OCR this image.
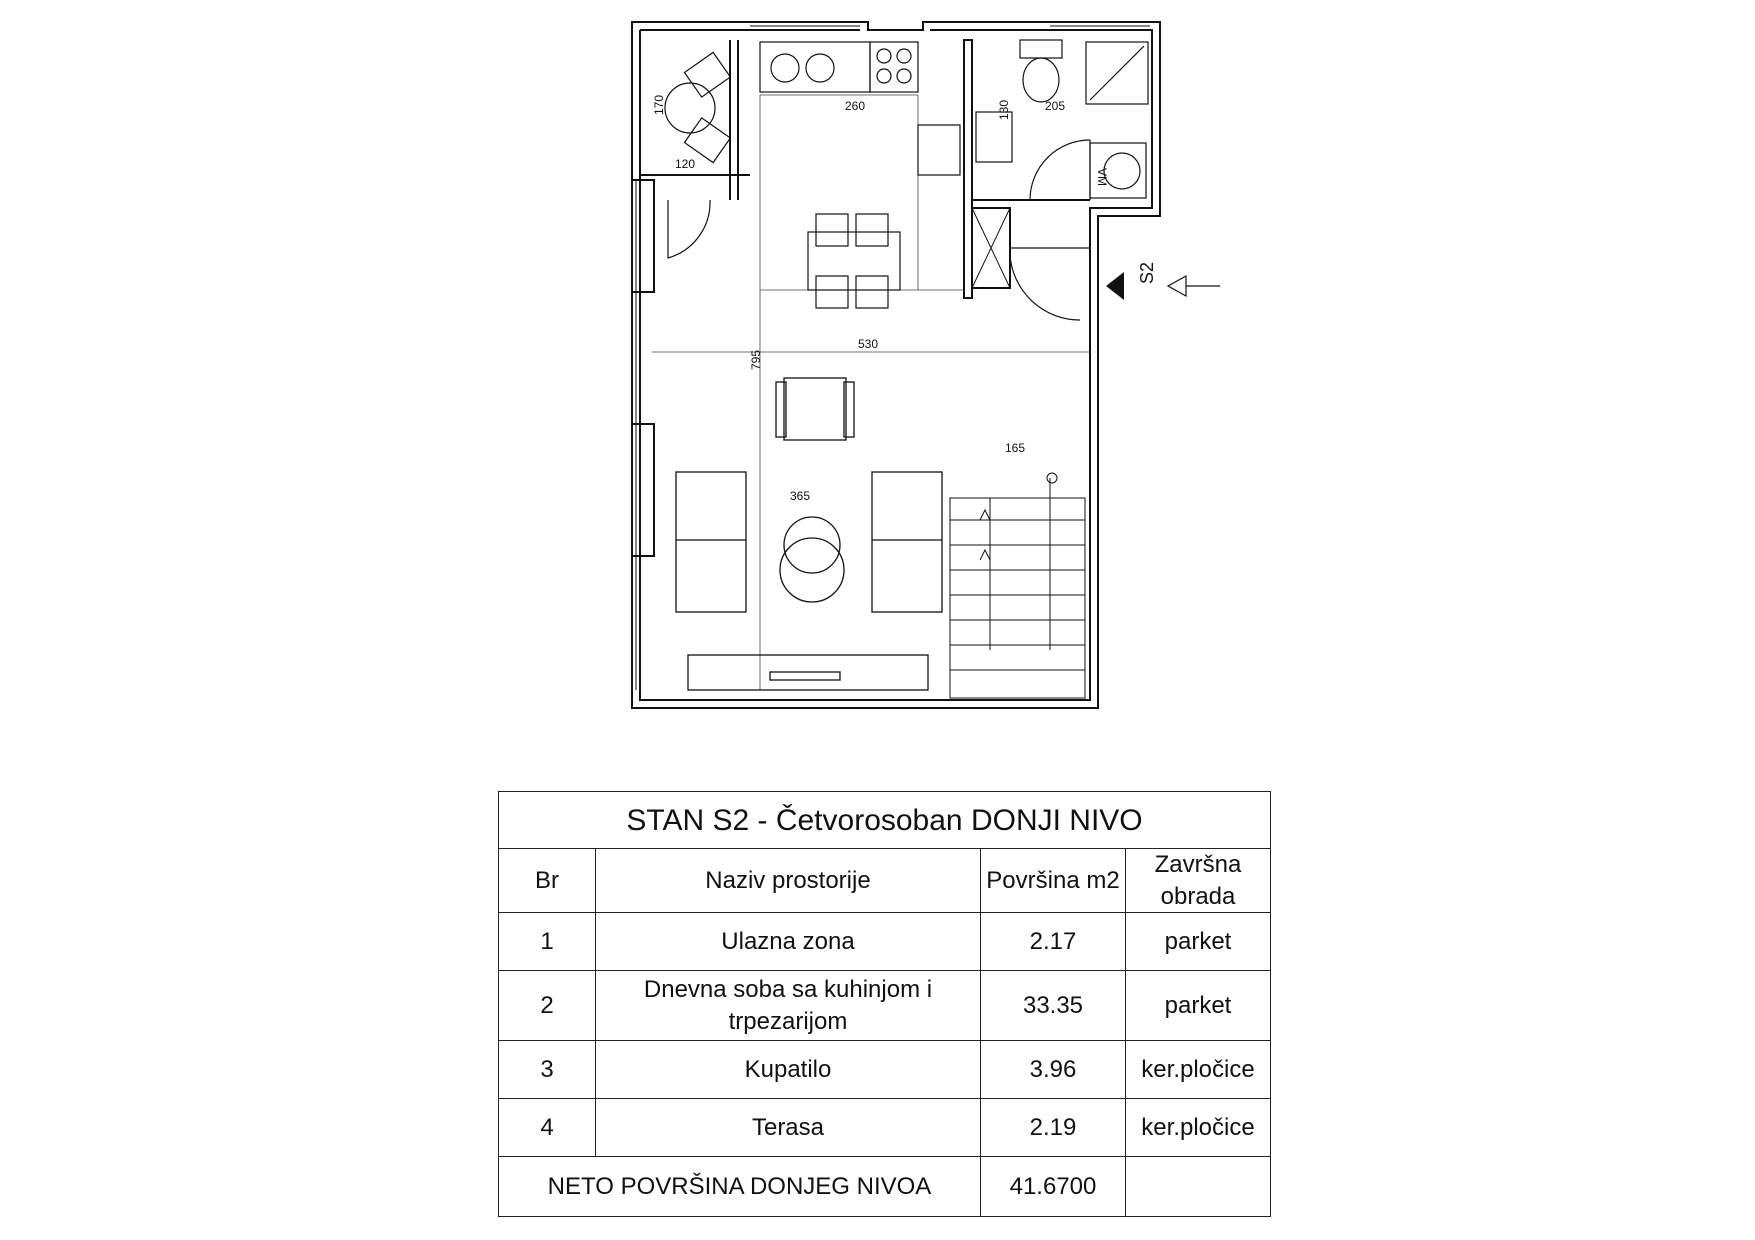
S2
260
170
120
205
130
530
795
165
365
VM
STAN S2 - Četvorosoban DONJI NIVO			
Br	Naziv prostorije	Površina m2	Završna obrada
1	Ulazna zona	2.17	parket
2	Dnevna soba sa kuhinjom i trpezarijom	33.35	parket
3	Kupatilo	3.96	ker.pločice
4	Terasa	2.19	ker.pločice
NETO POVRŠINA DONJEG NIVOA		41.6700	
